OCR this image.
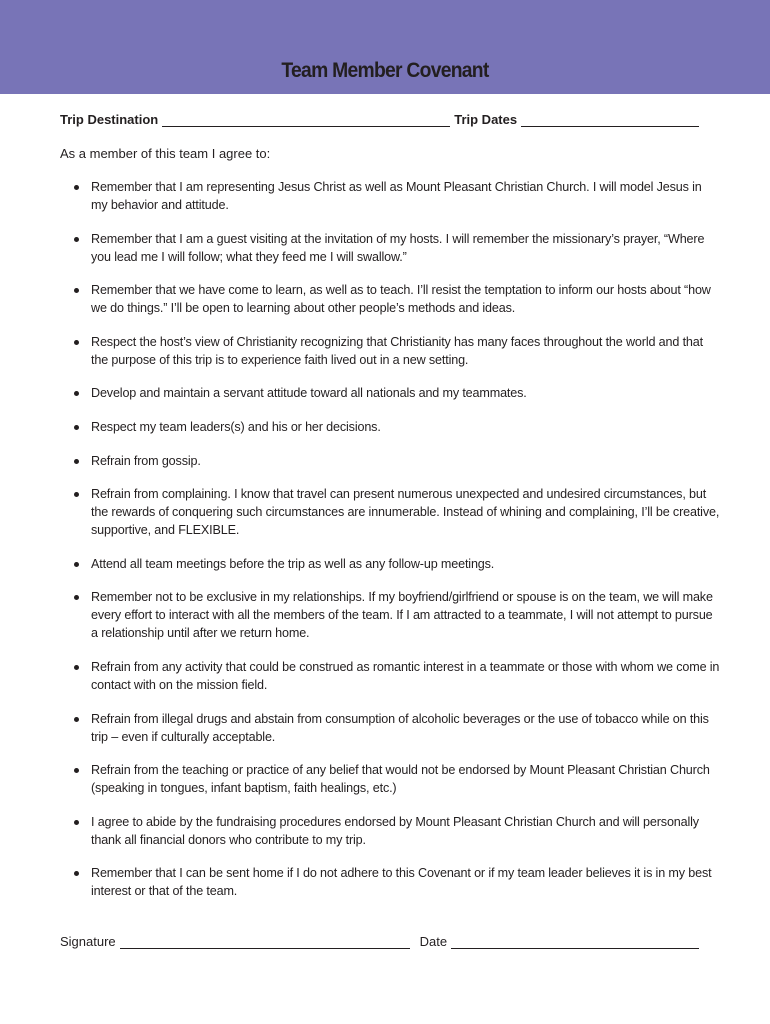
Team Member Covenant
Trip Destination	Trip Dates
As a member of this team I agree to:
Remember that I am representing Jesus Christ as well as Mount Pleasant Christian Church. I will model Jesus in my behavior and attitude.
Remember that I am a guest visiting at the invitation of my hosts. I will remember the missionary’s prayer, “Where you lead me I will follow; what they feed me I will swallow.”
Remember that we have come to learn, as well as to teach. I’ll resist the temptation to inform our hosts about “how we do things.” I’ll be open to learning about other people’s methods and ideas.
Respect the host’s view of Christianity recognizing that Christianity has many faces throughout the world and that the purpose of this trip is to experience faith lived out in a new setting.
Develop and maintain a servant attitude toward all nationals and my teammates.
Respect my team leaders(s) and his or her decisions.
Refrain from gossip.
Refrain from complaining. I know that travel can present numerous unexpected and undesired circumstances, but the rewards of conquering such circumstances are innumerable. Instead of whining and complaining, I’ll be creative, supportive, and FLEXIBLE.
Attend all team meetings before the trip as well as any follow-up meetings.
Remember not to be exclusive in my relationships. If my boyfriend/girlfriend or spouse is on the team, we will make every effort to interact with all the members of the team. If I am attracted to a teammate, I will not attempt to pursue a relationship until after we return home.
Refrain from any activity that could be construed as romantic interest in a teammate or those with whom we come in contact with on the mission field.
Refrain from illegal drugs and abstain from consumption of alcoholic beverages or the use of tobacco while on this trip – even if culturally acceptable.
Refrain from the teaching or practice of any belief that would not be endorsed by Mount Pleasant Christian Church (speaking in tongues, infant baptism, faith healings, etc.)
I agree to abide by the fundraising procedures endorsed by Mount Pleasant Christian Church and will personally thank all financial donors who contribute to my trip.
Remember that I can be sent home if I do not adhere to this Covenant or if my team leader believes it is in my best interest or that of the team.
Signature	Date
